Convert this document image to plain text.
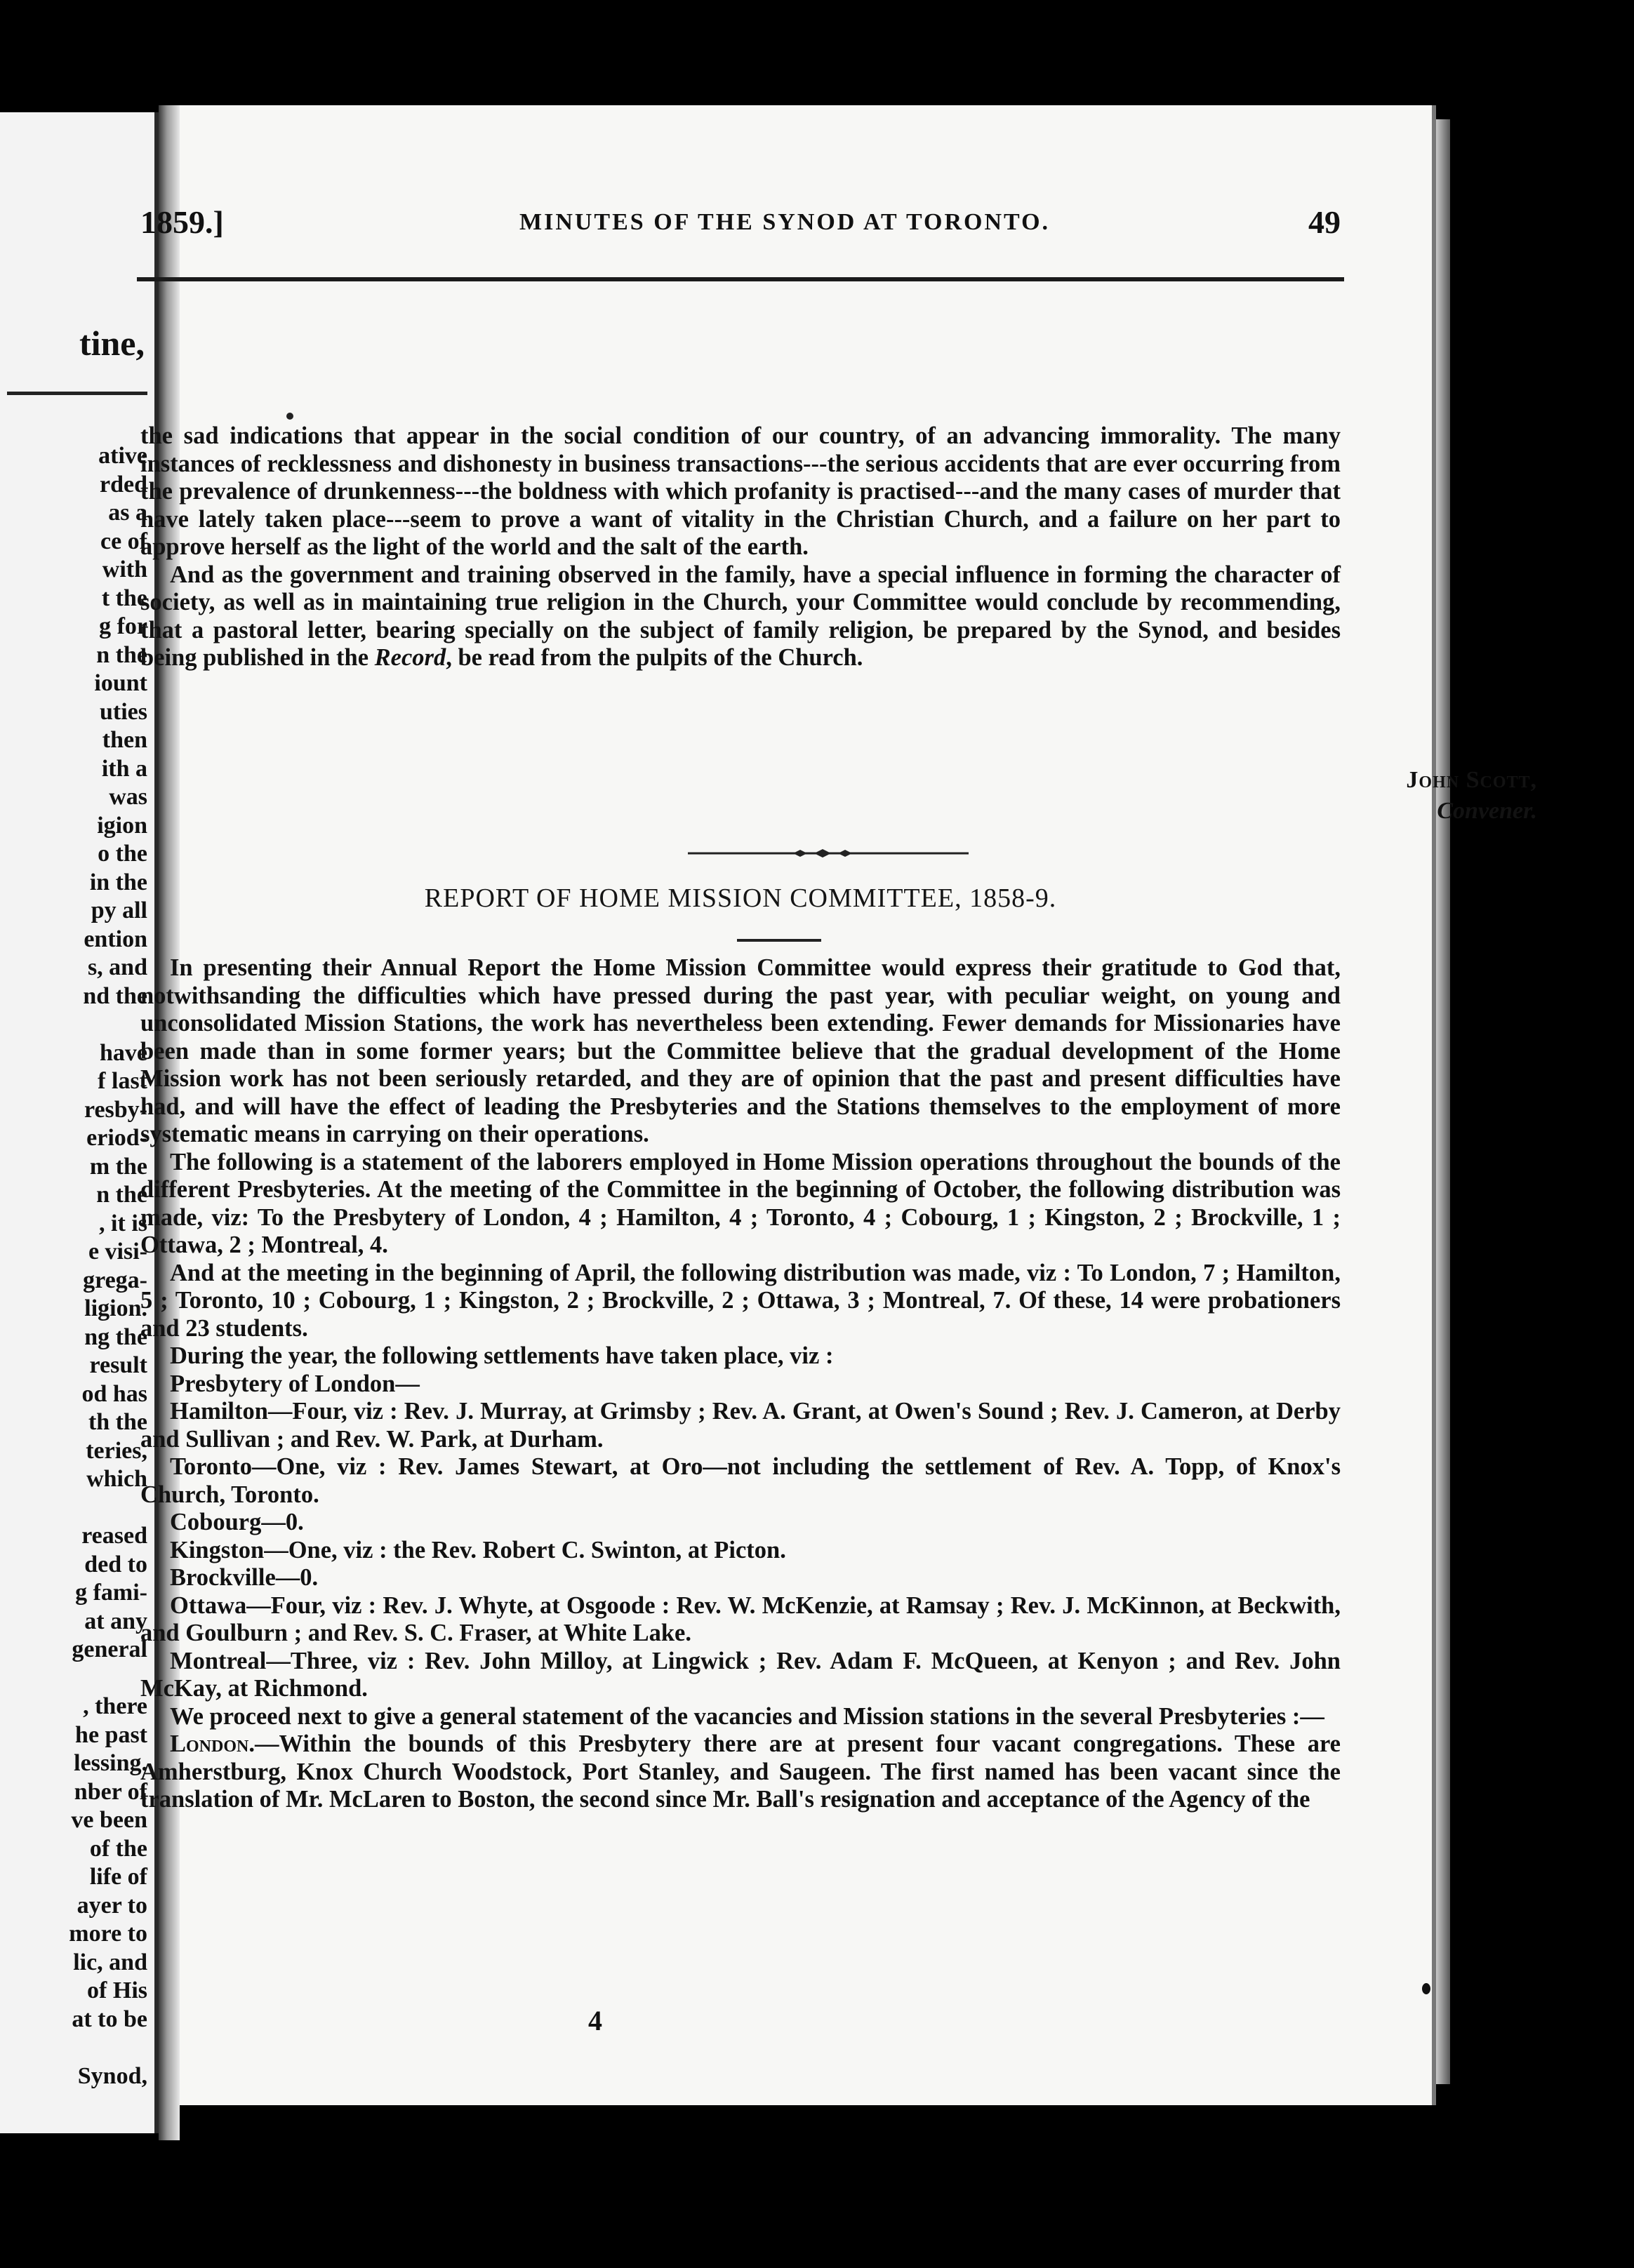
tine,
ative
rded
as a
ce of
with
t the
g for
n the
iount
uties
then
ith a
was
igion
o the
in the
py all
ention
s, and
nd the
have
f last
resby-
eriod-
m the
n the
, it is
e visi-
grega-
ligion.
ng the
result
od has
th the
teries,
which
reased
ded to
g fami-
at any
general
, there
he past
lessing.
nber of
ve been
of the
life of
ayer to
more to
lic, and
of His
at to be
Synod,
1859.]	MINUTES OF THE SYNOD AT TORONTO.	49

the sad indications that appear in the social condition of our country, of an advancing immorality. The many instances of recklessness and dishonesty in business transactions---the serious accidents that are ever occurring from the prevalence of drunkenness---the boldness with which profanity is practised---and the many cases of murder that have lately taken place---seem to prove a want of vitality in the Christian Church, and a failure on her part to approve herself as the light of the world and the salt of the earth.

And as the government and training observed in the family, have a special influence in forming the character of society, as well as in maintaining true religion in the Church, your Committee would conclude by recommending, that a pastoral letter, bearing specially on the subject of family religion, be prepared by the Synod, and besides being published in the Record, be read from the pulpits of the Church.

John Scott,
Convener.
REPORT OF HOME MISSION COMMITTEE, 1858-9.

In presenting their Annual Report the Home Mission Committee would express their gratitude to God that, notwithsanding the difficulties which have pressed during the past year, with peculiar weight, on young and unconsolidated Mission Stations, the work has nevertheless been extending. Fewer demands for Missionaries have been made than in some former years; but the Committee believe that the gradual development of the Home Mission work has not been seriously retarded, and they are of opinion that the past and present difficulties have had, and will have the effect of leading the Presbyteries and the Stations themselves to the employment of more systematic means in carrying on their operations.

The following is a statement of the laborers employed in Home Mission operations throughout the bounds of the different Presbyteries. At the meeting of the Committee in the beginning of October, the following distribution was made, viz: To the Presbytery of London, 4 ; Hamilton, 4 ; Toronto, 4 ; Cobourg, 1 ; Kingston, 2 ; Brockville, 1 ; Ottawa, 2 ; Montreal, 4.

And at the meeting in the beginning of April, the following distribution was made, viz : To London, 7 ; Hamilton, 5 ; Toronto, 10 ; Cobourg, 1 ; Kingston, 2 ; Brockville, 2 ; Ottawa, 3 ; Montreal, 7. Of these, 14 were probationers and 23 students.

During the year, the following settlements have taken place, viz :

Presbytery of London—

Hamilton—Four, viz : Rev. J. Murray, at Grimsby ; Rev. A. Grant, at Owen's Sound ; Rev. J. Cameron, at Derby and Sullivan ; and Rev. W. Park, at Durham.

Toronto—One, viz : Rev. James Stewart, at Oro—not including the settlement of Rev. A. Topp, of Knox's Church, Toronto.

Cobourg—0.

Kingston—One, viz : the Rev. Robert C. Swinton, at Picton.

Brockville—0.

Ottawa—Four, viz : Rev. J. Whyte, at Osgoode : Rev. W. McKenzie, at Ramsay ; Rev. J. McKinnon, at Beckwith, and Goulburn ; and Rev. S. C. Fraser, at White Lake.

Montreal—Three, viz : Rev. John Milloy, at Lingwick ; Rev. Adam F. McQueen, at Kenyon ; and Rev. John McKay, at Richmond.

We proceed next to give a general statement of the vacancies and Mission stations in the several Presbyteries :—

London.—Within the bounds of this Presbytery there are at present four vacant congregations. These are Amherstburg, Knox Church Woodstock, Port Stanley, and Saugeen. The first named has been vacant since the translation of Mr. McLaren to Boston, the second since Mr. Ball's resignation and acceptance of the Agency of the

4
